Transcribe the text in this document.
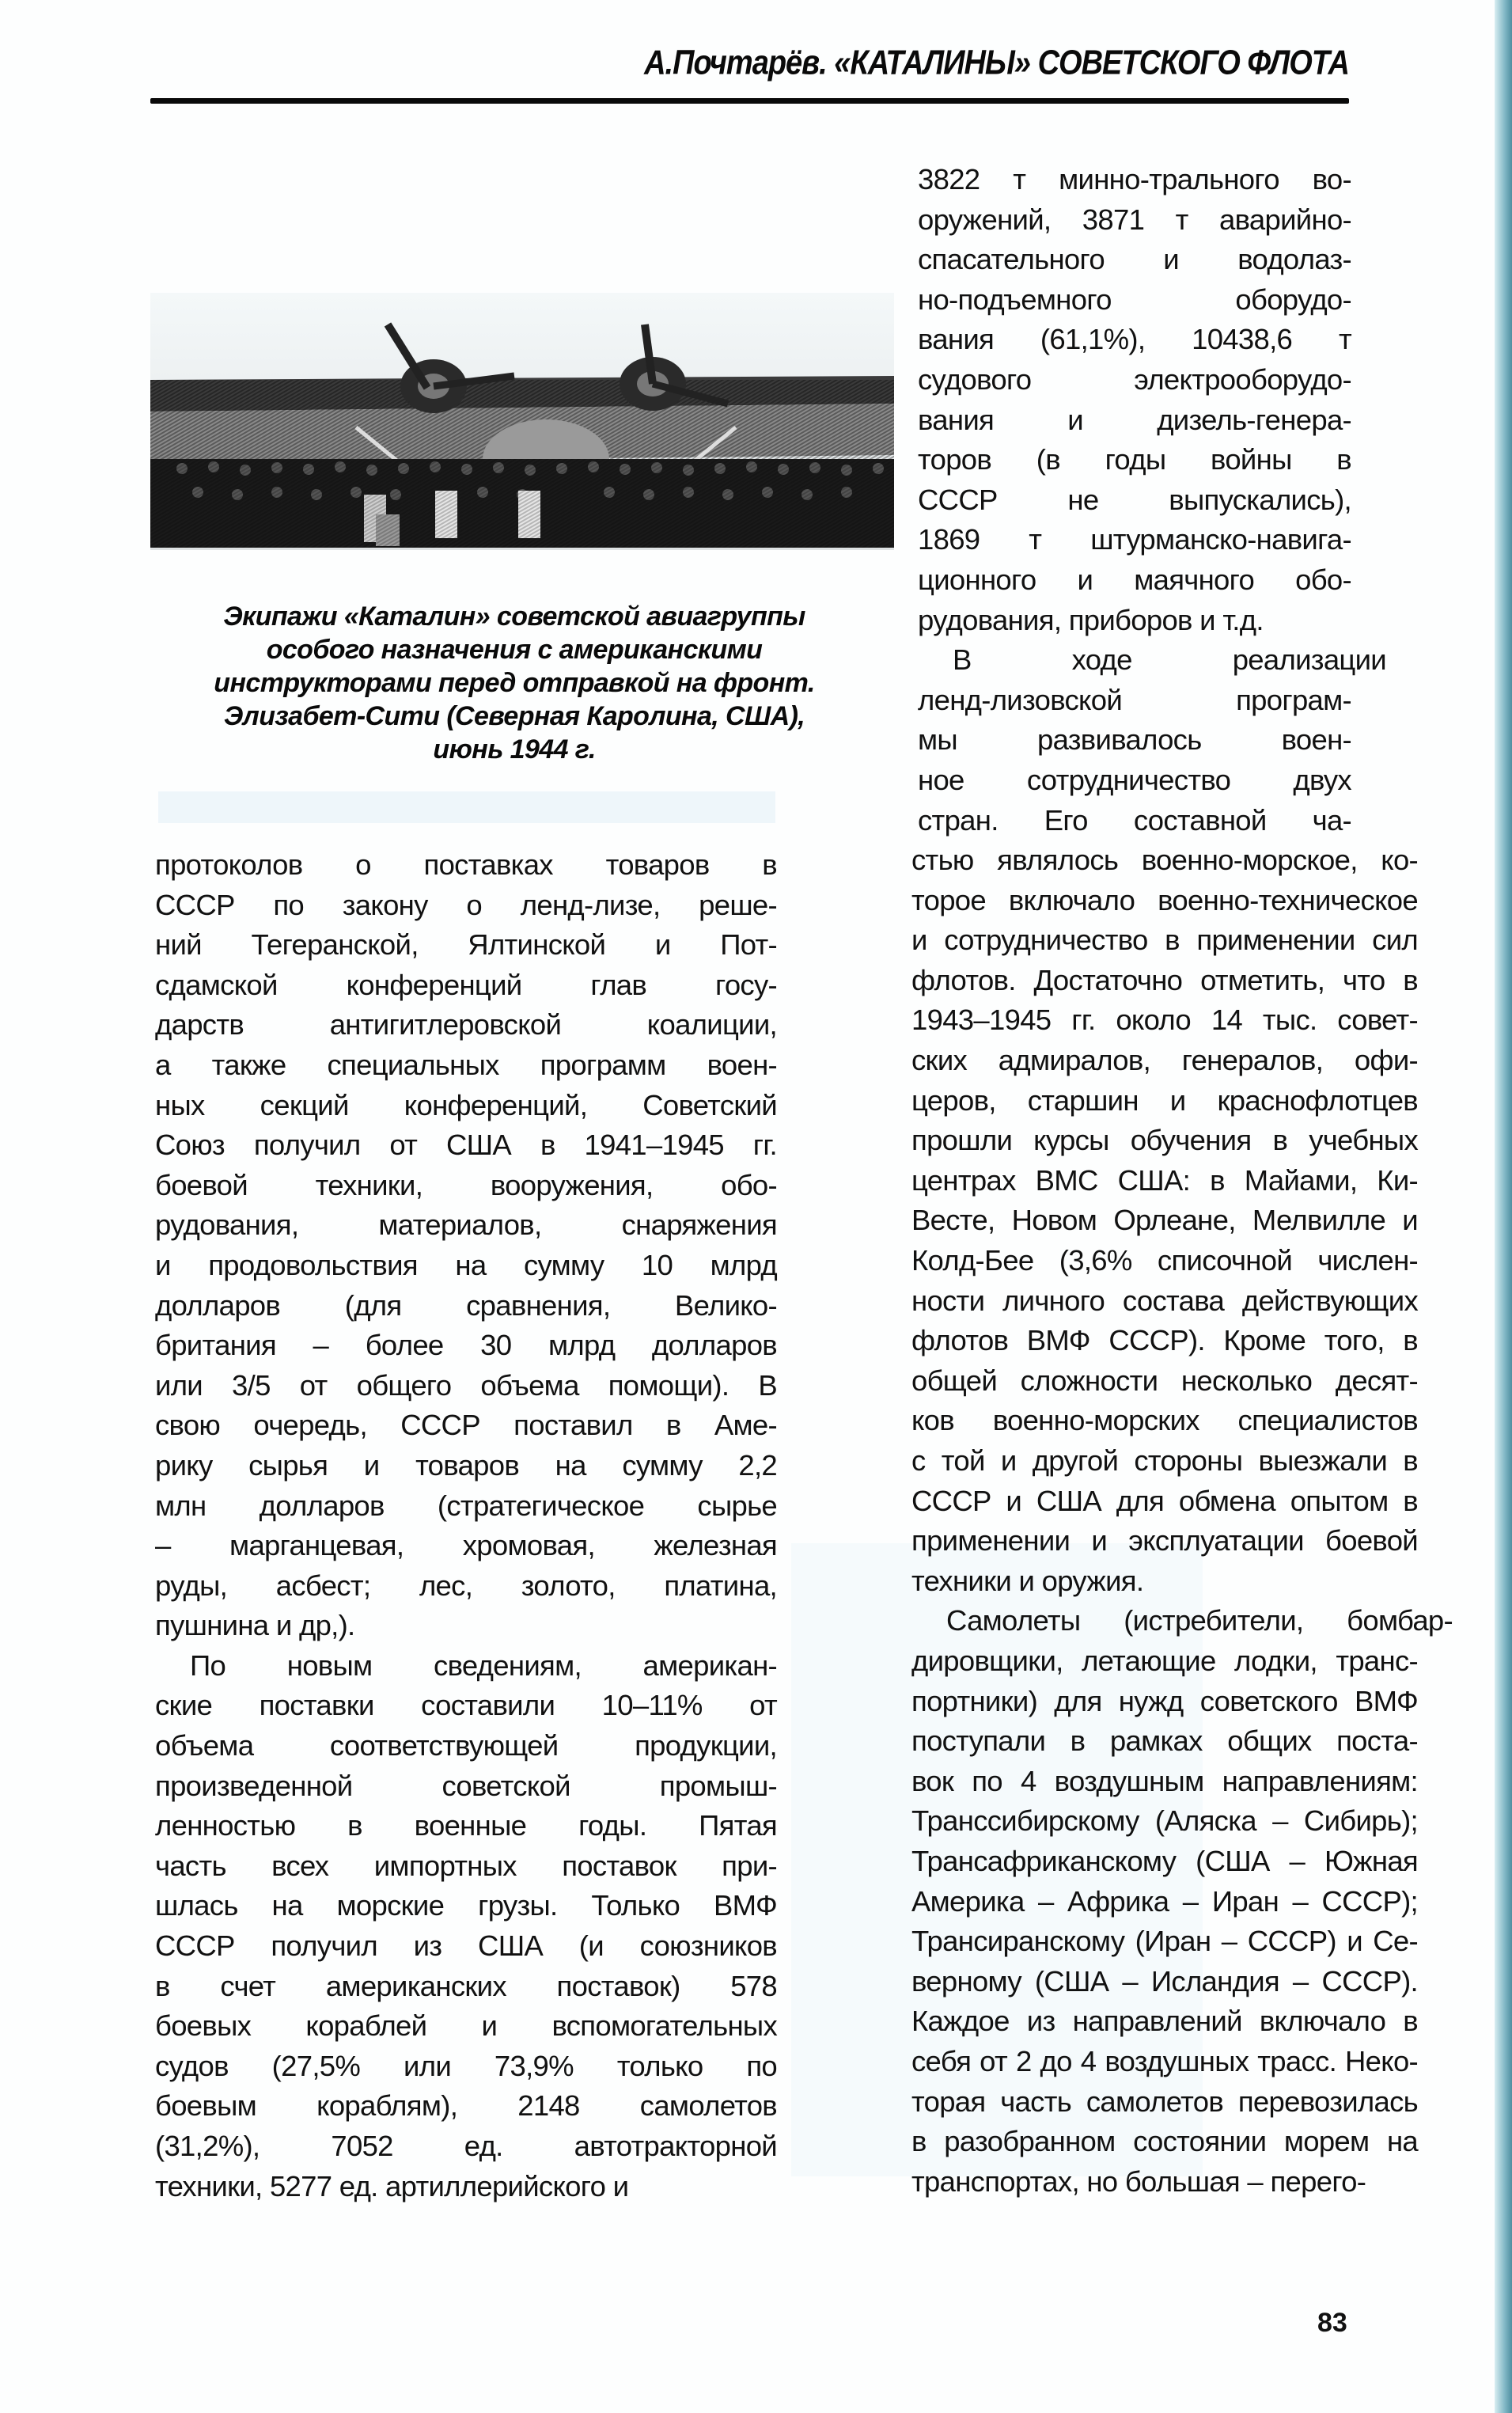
А.Почтарёв. «КАТАЛИНЫ» СОВЕТСКОГО ФЛОТА
Экипажи «Каталин» советской авиагруппы
особого назначения с американскими
инструкторами перед отправкой на фронт.
Элизабет-Сити (Северная Каролина, США),
июнь 1944 г.
протоколов о поставках товаров в
СССР по закону о ленд-лизе, реше-
ний Тегеранской, Ялтинской и Пот-
сдамской конференций глав госу-
дарств антигитлеровской коалиции,
а также специальных программ воен-
ных секций конференций, Советский
Союз получил от США в 1941–1945 гг.
боевой техники, вооружения, обо-
рудования, материалов, снаряжения
и продовольствия на сумму 10 млрд
долларов (для сравнения, Велико-
британия – более 30 млрд долларов
или 3/5 от общего объема помощи). В
свою очередь, СССР поставил в Аме-
рику сырья и товаров на сумму 2,2
млн долларов (стратегическое сырье
– марганцевая, хромовая, железная
руды, асбест; лес, золото, платина,
пушнина и др,).
По новым сведениям, американ-
ские поставки составили 10–11% от
объема соответствующей продукции,
произведенной советской промыш-
ленностью в военные годы. Пятая
часть всех импортных поставок при-
шлась на морские грузы. Только ВМФ
СССР получил из США (и союзников
в счет американских поставок) 578
боевых кораблей и вспомогательных
судов (27,5% или 73,9% только по
боевым кораблям), 2148 самолетов
(31,2%), 7052 ед. автотракторной
техники, 5277 ед. артиллерийского и
3822 т минно-трального во-
оружений, 3871 т аварийно-
спасательного и водолаз-
но-подъемного оборудо-
вания (61,1%), 10438,6 т
судового электрооборудо-
вания и дизель-генера-
торов (в годы войны в
СССР не выпускались),
1869 т штурманско-навига-
ционного и маячного обо-
рудования, приборов и т.д.
В ходе реализации
ленд-лизовской програм-
мы развивалось воен-
ное сотрудничество двух
стран. Его составной ча-
стью являлось военно-морское, ко-
торое включало военно-техническое
и сотрудничество в применении сил
флотов. Достаточно отметить, что в
1943–1945 гг. около 14 тыс. совет-
ских адмиралов, генералов, офи-
церов, старшин и краснофлотцев
прошли курсы обучения в учебных
центрах ВМС США: в Майами, Ки-
Весте, Новом Орлеане, Мелвилле и
Колд-Бее (3,6% списочной числен-
ности личного состава действующих
флотов ВМФ СССР). Кроме того, в
общей сложности несколько десят-
ков военно-морских специалистов
с той и другой стороны выезжали в
СССР и США для обмена опытом в
применении и эксплуатации боевой
техники и оружия.
Самолеты (истребители, бомбар-
дировщики, летающие лодки, транс-
портники) для нужд советского ВМФ
поступали в рамках общих поста-
вок по 4 воздушным направлениям:
Транссибирскому (Аляска – Сибирь);
Трансафриканскому (США – Южная
Америка – Африка – Иран – СССР);
Трансиранскому (Иран – СССР) и Се-
верному (США – Исландия – СССР).
Каждое из направлений включало в
себя от 2 до 4 воздушных трасс. Неко-
торая часть самолетов перевозилась
в разобранном состоянии морем на
транспортах, но большая – перего-
83
